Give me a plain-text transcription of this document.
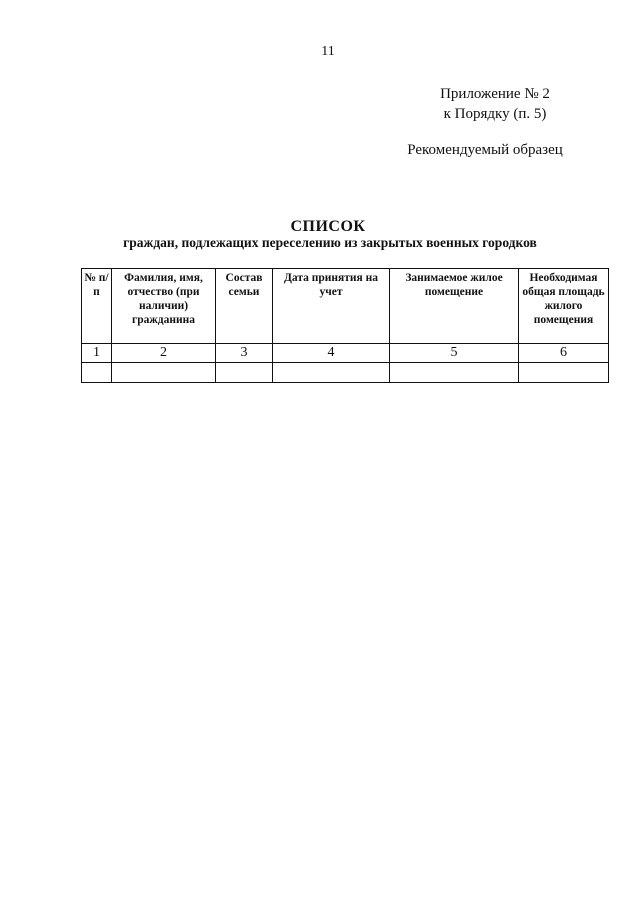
11
Приложение № 2
к Порядку (п. 5)
Рекомендуемый образец
СПИСОК
граждан, подлежащих переселению из закрытых военных городков
№ п/п	Фамилия, имя, отчество (при наличии) гражданина	Состав семьи	Дата принятия на учет	Занимаемое жилое помещение	Необходимая общая площадь жилого помещения
1	2	3	4	5	6
